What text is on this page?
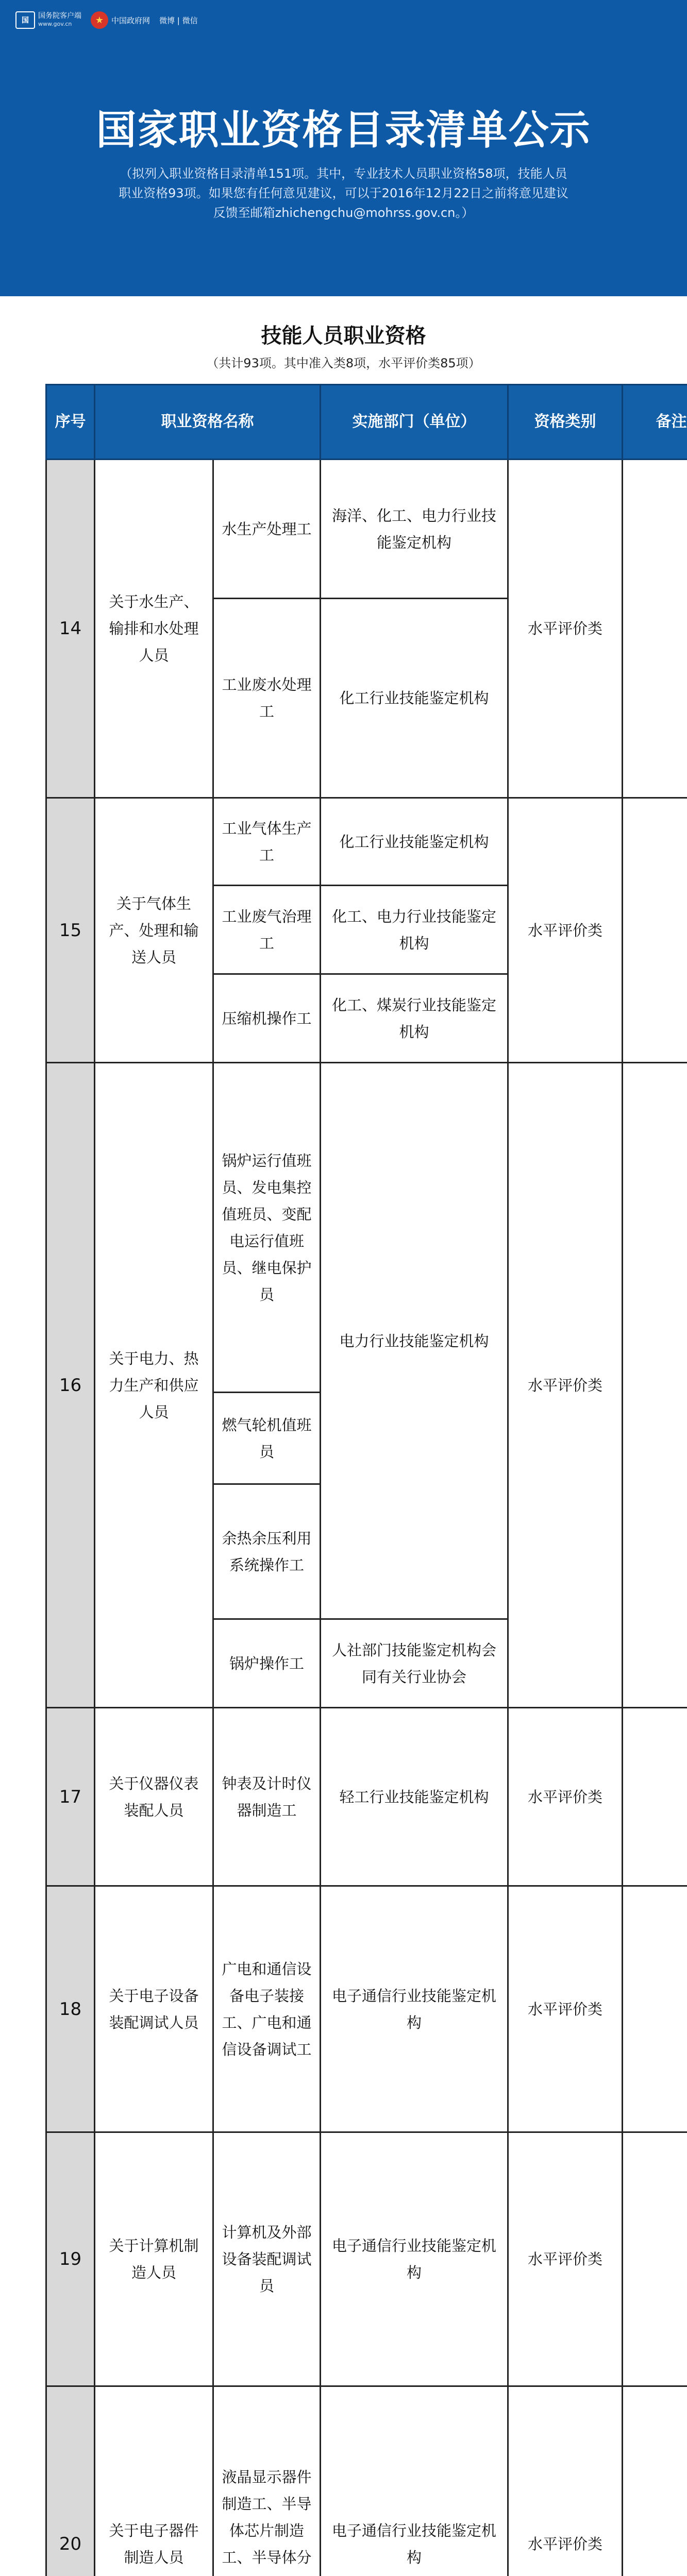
国
国务院客户端
www.gov.cn	★ 中国政府网 微博 | 微信
国家职业资格目录清单公示
（拟列入职业资格目录清单151项。其中，专业技术人员职业资格58项，技能人员职业资格93项。如果您有任何意见建议，可以于2016年12月22日之前将意见建议反馈至邮箱zhichengchu@mohrss.gov.cn。）
技能人员职业资格
（共计93项。其中准入类8项，水平评价类85项）
序号	职业资格名称		实施部门（单位）	资格类别	备注
14	关于水生产、输排和水处理人员	水生产处理工	海洋、化工、电力行业技能鉴定机构	水平评价类	
		工业废水处理工	化工行业技能鉴定机构		
15	关于气体生产、处理和输送人员	工业气体生产工	化工行业技能鉴定机构	水平评价类	
		工业废气治理工	化工、电力行业技能鉴定机构		
		压缩机操作工	化工、煤炭行业技能鉴定机构		
16	关于电力、热力生产和供应人员	锅炉运行值班员、发电集控值班员、变配电运行值班员、继电保护员	电力行业技能鉴定机构	水平评价类	
		燃气轮机值班员			
		余热余压利用系统操作工			
		锅炉操作工	人社部门技能鉴定机构会同有关行业协会		
17	关于仪器仪表装配人员	钟表及计时仪器制造工	轻工行业技能鉴定机构	水平评价类	
18	关于电子设备装配调试人员	广电和通信设备电子装接工、广电和通信设备调试工	电子通信行业技能鉴定机构	水平评价类	
19	关于计算机制造人员	计算机及外部设备装配调试员	电子通信行业技能鉴定机构	水平评价类	
20	关于电子器件制造人员	液晶显示器件制造工、半导体芯片制造工、半导体分	电子通信行业技能鉴定机构	水平评价类	
